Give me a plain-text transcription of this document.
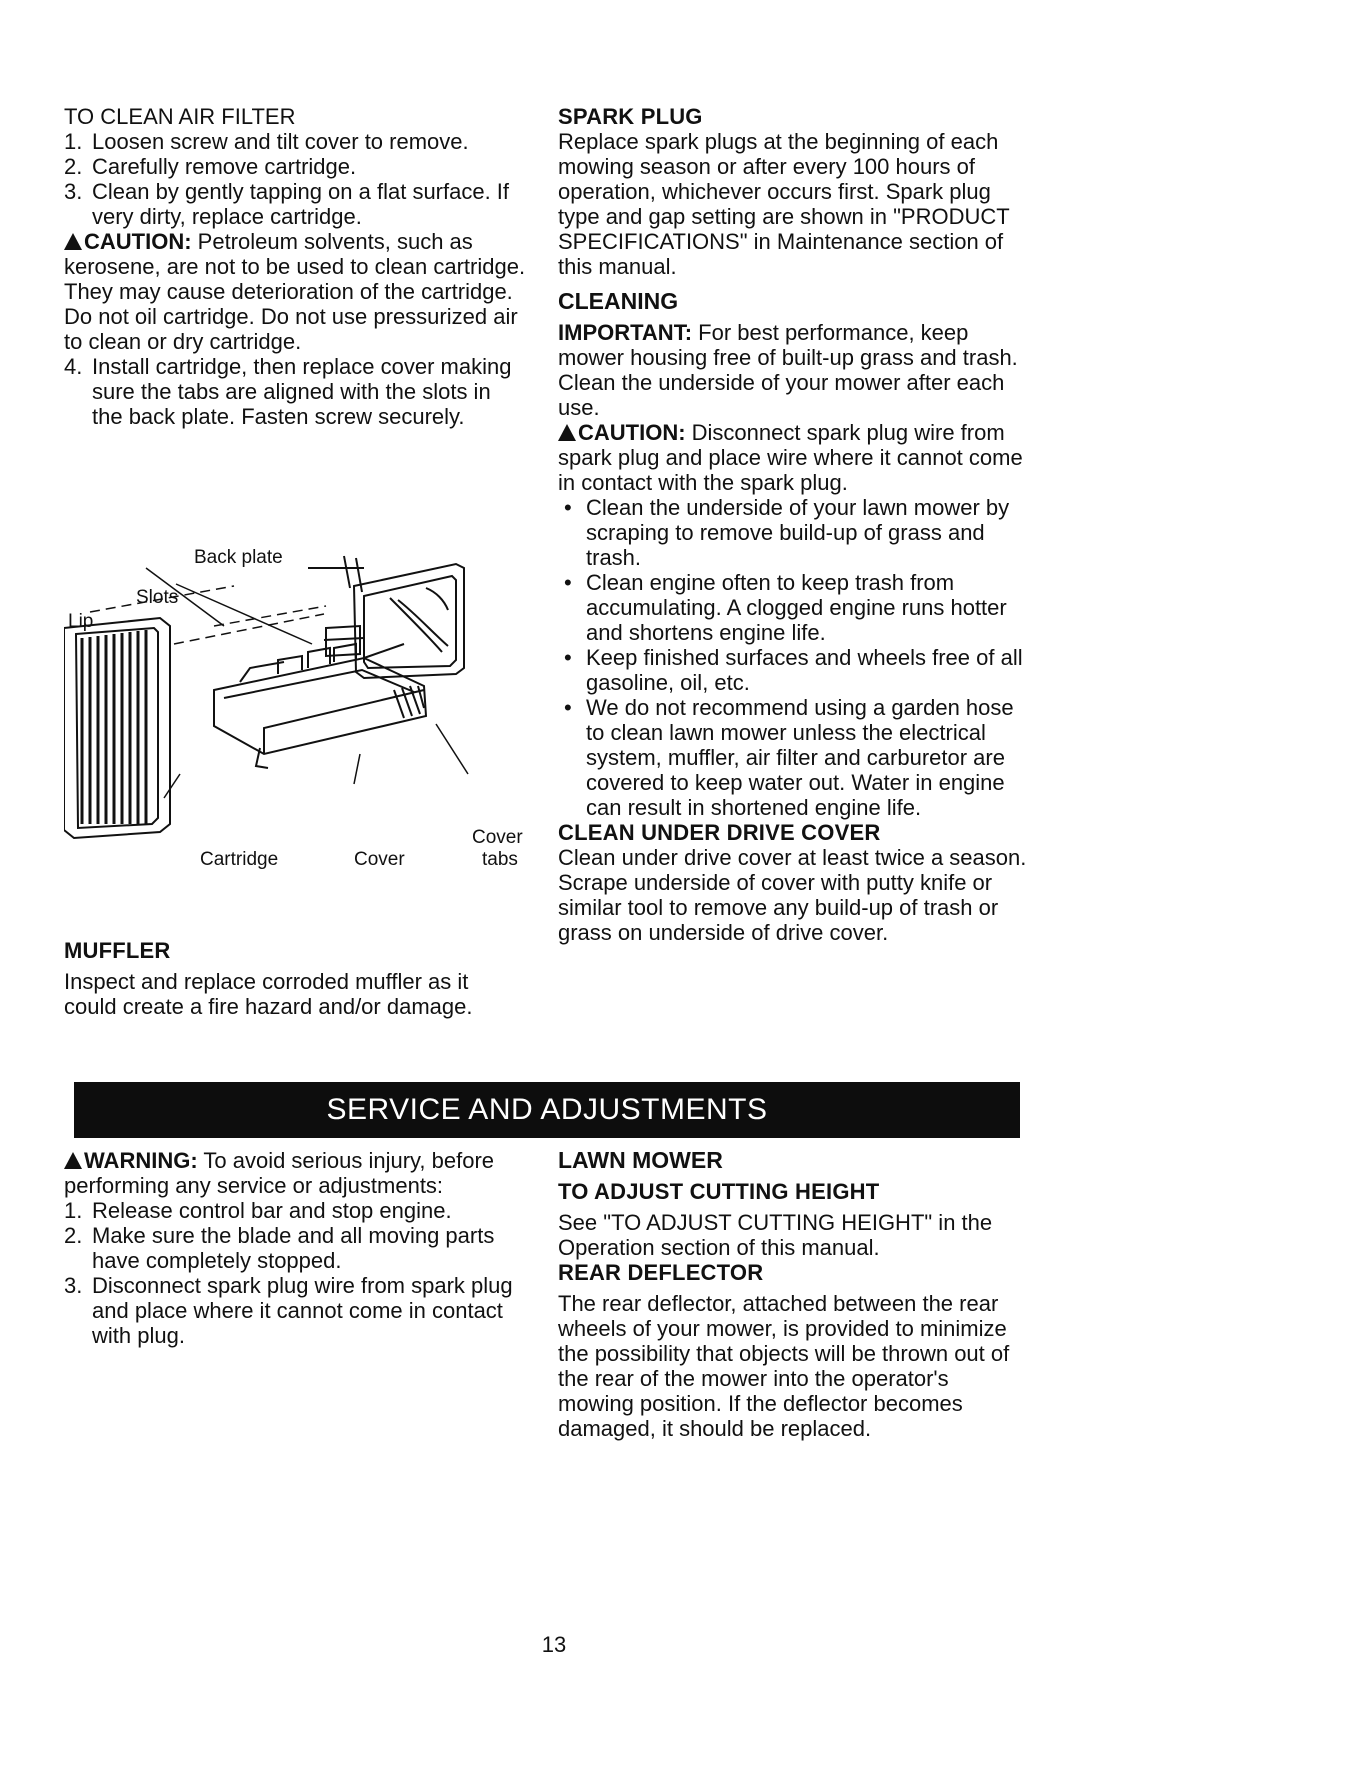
TO CLEAN AIR FILTER
1. Loosen screw and tilt cover to remove.
2. Carefully remove cartridge.
3. Clean by gently tapping on a flat surface. If very dirty, replace cartridge.

CAUTION: Petroleum solvents, such as kerosene, are not to be used to clean cartridge. They may cause deterioration of the cartridge. Do not oil cartridge. Do not use pressurized air to clean or dry cartridge.

4. Install cartridge, then replace cover making sure the tabs are aligned with the slots in the back plate. Fasten screw securely.
Back plate
Slots
Lip
Cartridge	Cover
Cover
tabs
MUFFLER

Inspect and replace corroded muffler as it could create a fire hazard and/or damage.

SPARK PLUG

Replace spark plugs at the beginning of each mowing season or after every 100 hours of operation, whichever occurs first. Spark plug type and gap setting are shown in "PRODUCT SPECIFICATIONS" in Maintenance section of this manual.

CLEANING

IMPORTANT: For best performance, keep mower housing free of built-up grass and trash. Clean the underside of your mower after each use.

CAUTION: Disconnect spark plug wire from spark plug and place wire where it cannot come in contact with the spark plug.

• Clean the underside of your lawn mower by scraping to remove build-up of grass and trash.
• Clean engine often to keep trash from accumulating. A clogged engine runs hotter and shortens engine life.
• Keep finished surfaces and wheels free of all gasoline, oil, etc.
• We do not recommend using a garden hose to clean lawn mower unless the electrical system, muffler, air filter and carburetor are covered to keep water out. Water in engine can result in shortened engine life.
CLEAN UNDER DRIVE COVER

Clean under drive cover at least twice a season. Scrape underside of cover with putty knife or similar tool to remove any build-up of trash or grass on underside of drive cover.

SERVICE AND ADJUSTMENTS

WARNING: To avoid serious injury, before performing any service or adjustments:

1. Release control bar and stop engine.
2. Make sure the blade and all moving parts have completely stopped.
3. Disconnect spark plug wire from spark plug and place where it cannot come in contact with plug.
LAWN MOWER
TO ADJUST CUTTING HEIGHT

See "TO ADJUST CUTTING HEIGHT" in the Operation section of this manual.

REAR DEFLECTOR

The rear deflector, attached between the rear wheels of your mower, is provided to minimize the possibility that objects will be thrown out of the rear of the mower into the operator's mowing position. If the deflector becomes damaged, it should be replaced.

13
